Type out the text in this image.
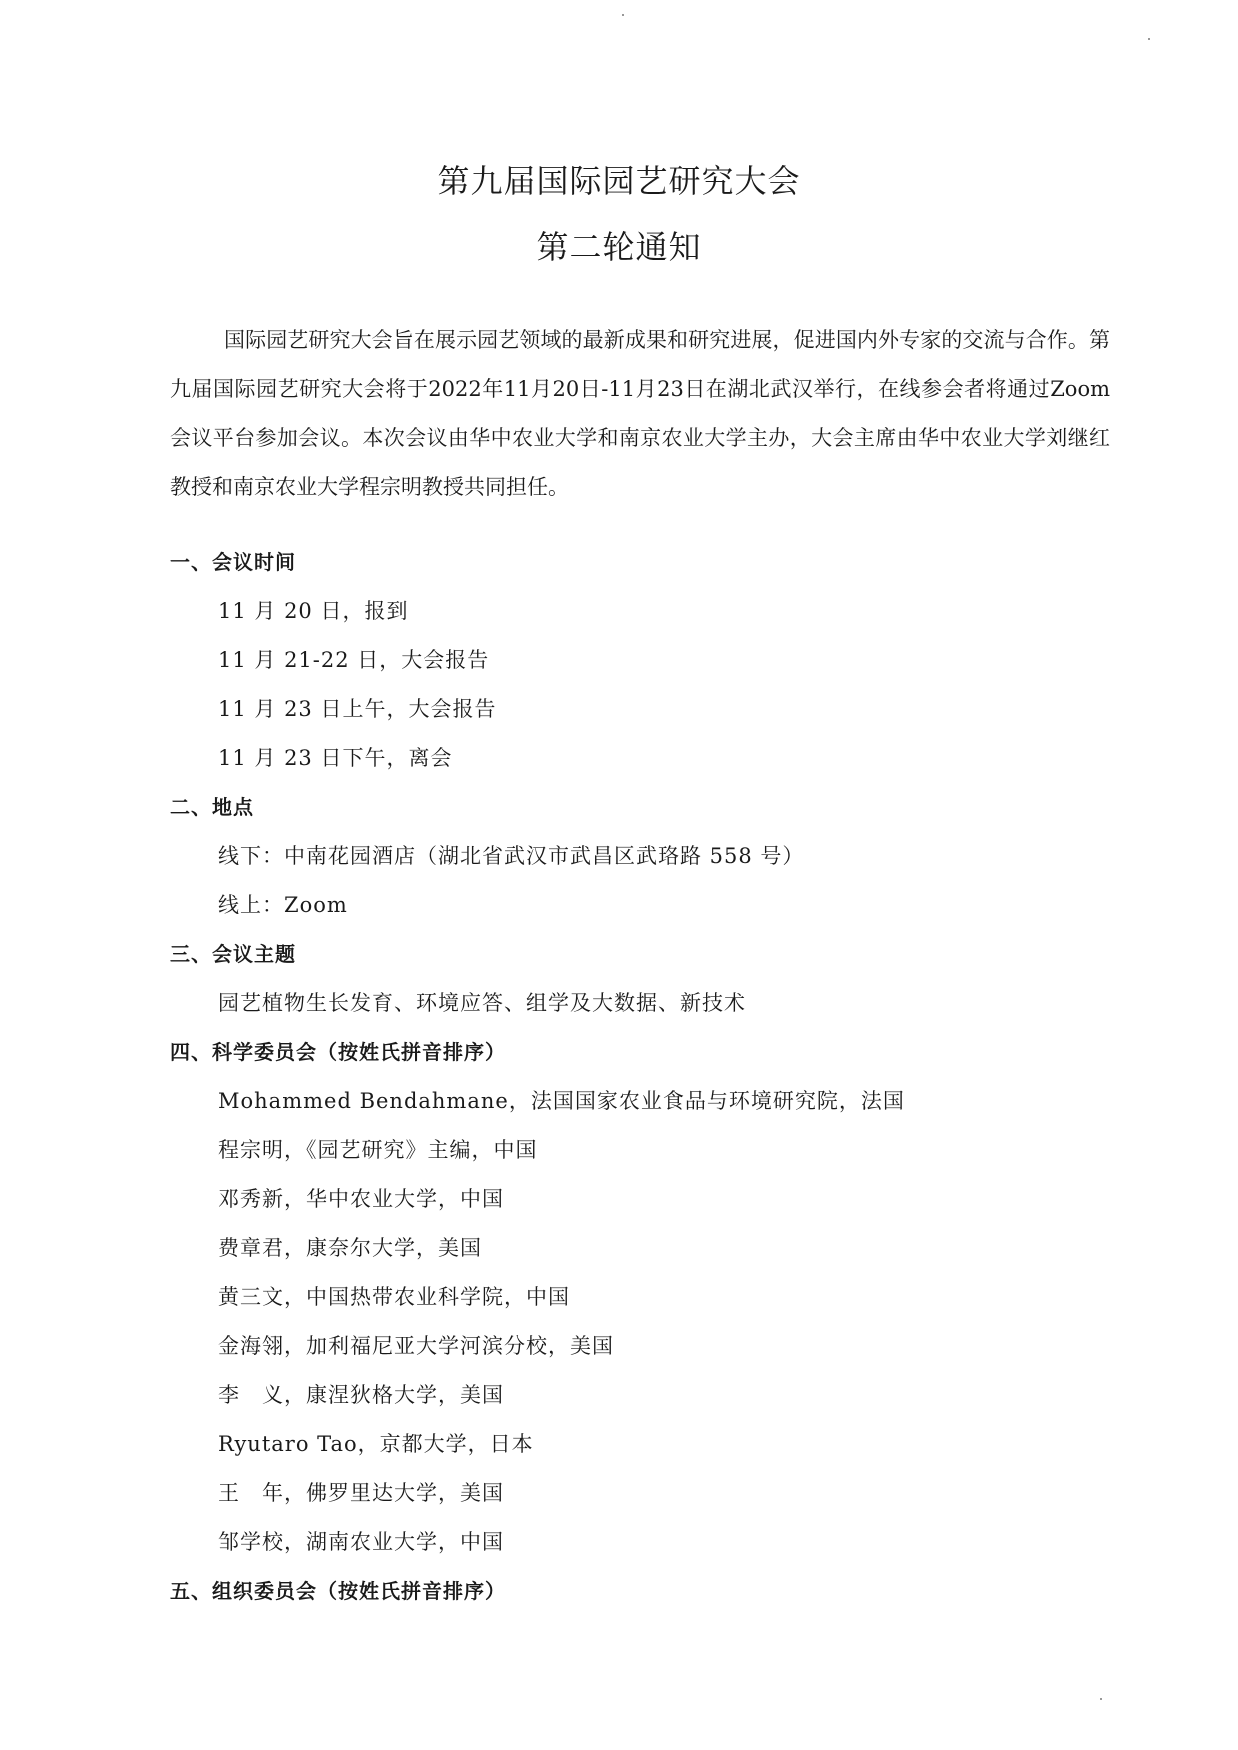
第九届国际园艺研究大会
第二轮通知
国际园艺研究大会旨在展示园艺领域的最新成果和研究进展，促进国内外专家的交流与合作。第九届国际园艺研究大会将于2022年11月20日-11月23日在湖北武汉举行，在线参会者将通过Zoom会议平台参加会议。本次会议由华中农业大学和南京农业大学主办，大会主席由华中农业大学刘继红教授和南京农业大学程宗明教授共同担任。
一、会议时间
11 月 20 日，报到
11 月 21-22 日，大会报告
11 月 23 日上午，大会报告
11 月 23 日下午，离会
二、地点
线下：中南花园酒店（湖北省武汉市武昌区武珞路 558 号）
线上：Zoom
三、会议主题
园艺植物生长发育、环境应答、组学及大数据、新技术
四、科学委员会（按姓氏拼音排序）
Mohammed Bendahmane，法国国家农业食品与环境研究院，法国
程宗明，《园艺研究》主编，中国
邓秀新，华中农业大学，中国
费章君，康奈尔大学，美国
黄三文，中国热带农业科学院，中国
金海翎，加利福尼亚大学河滨分校，美国
李　义，康涅狄格大学，美国
Ryutaro Tao，京都大学，日本
王　年，佛罗里达大学，美国
邹学校，湖南农业大学，中国
五、组织委员会（按姓氏拼音排序）
